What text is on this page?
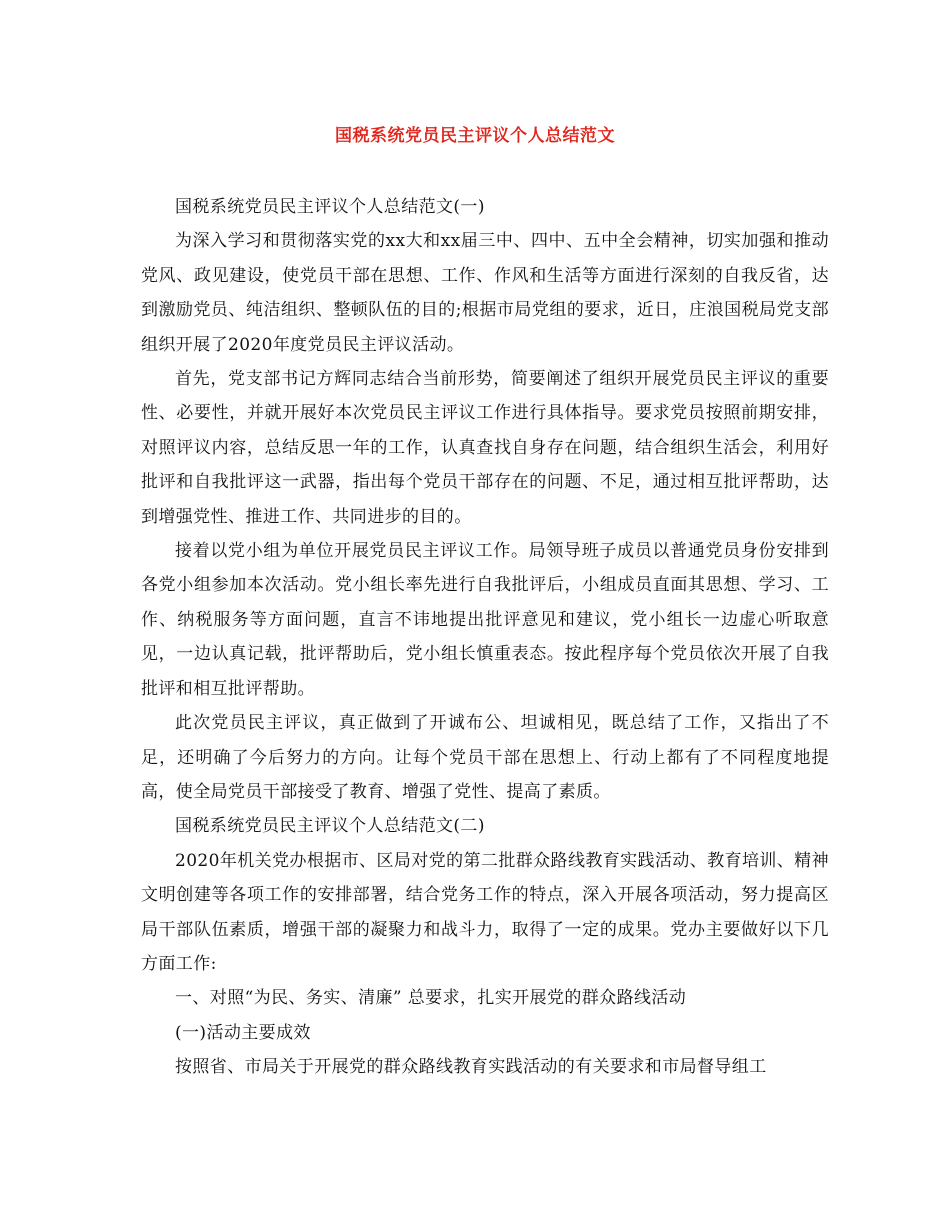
国税系统党员民主评议个人总结范文

国税系统党员民主评议个人总结范文(一)

为深入学习和贯彻落实党的xx大和xx届三中、四中、五中全会精神，切实加强和推动党风、政见建设，使党员干部在思想、工作、作风和生活等方面进行深刻的自我反省，达到激励党员、纯洁组织、整顿队伍的目的;根据市局党组的要求，近日，庄浪国税局党支部组织开展了2020年度党员民主评议活动。

首先，党支部书记方辉同志结合当前形势，简要阐述了组织开展党员民主评议的重要性、必要性，并就开展好本次党员民主评议工作进行具体指导。要求党员按照前期安排，对照评议内容，总结反思一年的工作，认真查找自身存在问题，结合组织生活会，利用好批评和自我批评这一武器，指出每个党员干部存在的问题、不足，通过相互批评帮助，达到增强党性、推进工作、共同进步的目的。

接着以党小组为单位开展党员民主评议工作。局领导班子成员以普通党员身份安排到各党小组参加本次活动。党小组长率先进行自我批评后，小组成员直面其思想、学习、工作、纳税服务等方面问题，直言不讳地提出批评意见和建议，党小组长一边虚心听取意见，一边认真记载，批评帮助后，党小组长慎重表态。按此程序每个党员依次开展了自我批评和相互批评帮助。

此次党员民主评议，真正做到了开诚布公、坦诚相见，既总结了工作，又指出了不足，还明确了今后努力的方向。让每个党员干部在思想上、行动上都有了不同程度地提高，使全局党员干部接受了教育、增强了党性、提高了素质。

国税系统党员民主评议个人总结范文(二)

2020年机关党办根据市、区局对党的第二批群众路线教育实践活动、教育培训、精神文明创建等各项工作的安排部署，结合党务工作的特点，深入开展各项活动，努力提高区局干部队伍素质，增强干部的凝聚力和战斗力，取得了一定的成果。党办主要做好以下几方面工作:

一、对照“为民、务实、清廉” 总要求，扎实开展党的群众路线活动

(一)活动主要成效

按照省、市局关于开展党的群众路线教育实践活动的有关要求和市局督导组工
